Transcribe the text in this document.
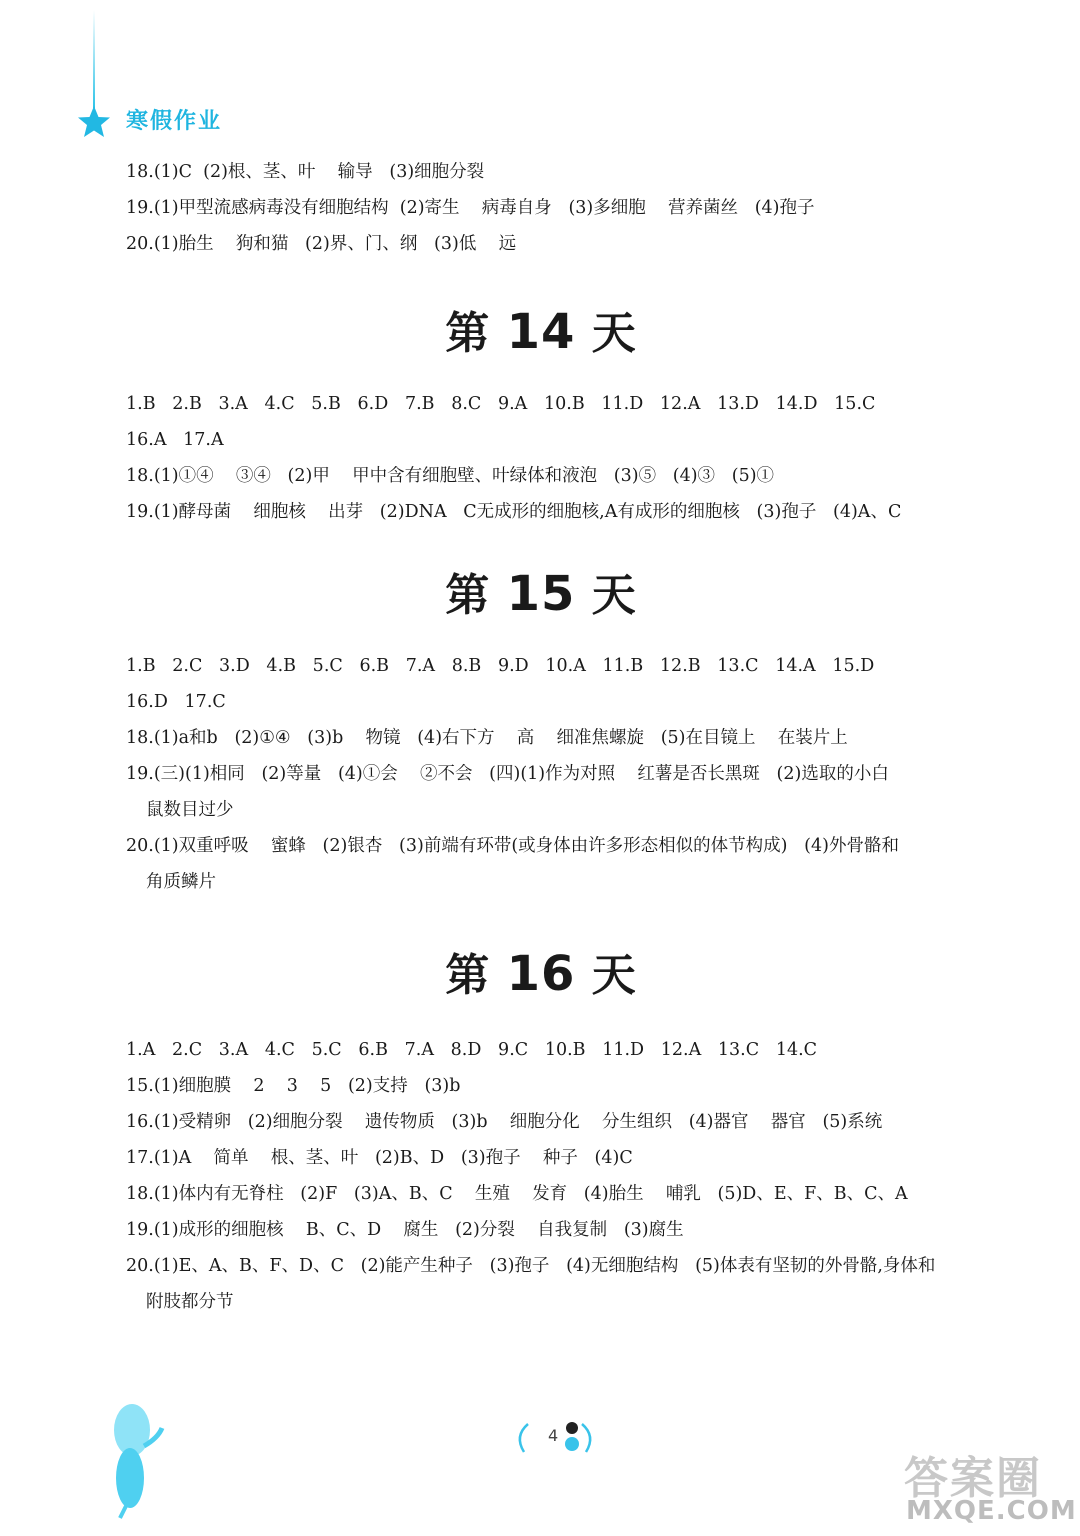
寒假作业
18.(1)C  (2)根、茎、叶    输导   (3)细胞分裂
19.(1)甲型流感病毒没有细胞结构  (2)寄生    病毒自身   (3)多细胞    营养菌丝   (4)孢子
20.(1)胎生    狗和猫   (2)界、门、纲   (3)低    远
第 14 天
1.B   2.B   3.A   4.C   5.B   6.D   7.B   8.C   9.A   10.B   11.D   12.A   13.D   14.D   15.C
16.A   17.A
18.(1)①④    ③④   (2)甲    甲中含有细胞壁、叶绿体和液泡   (3)⑤   (4)③   (5)①
19.(1)酵母菌    细胞核    出芽   (2)DNA   C无成形的细胞核,A有成形的细胞核   (3)孢子   (4)A、C
第 15 天
1.B   2.C   3.D   4.B   5.C   6.B   7.A   8.B   9.D   10.A   11.B   12.B   13.C   14.A   15.D
16.D   17.C
18.(1)a和b   (2)①④   (3)b    物镜   (4)右下方    高    细准焦螺旋   (5)在目镜上    在装片上
19.(三)(1)相同   (2)等量   (4)①会    ②不会   (四)(1)作为对照    红薯是否长黑斑   (2)选取的小白
鼠数目过少
20.(1)双重呼吸    蜜蜂   (2)银杏   (3)前端有环带(或身体由许多形态相似的体节构成)   (4)外骨骼和
角质鳞片
第 16 天
1.A   2.C   3.A   4.C   5.C   6.B   7.A   8.D   9.C   10.B   11.D   12.A   13.C   14.C
15.(1)细胞膜    2    3    5   (2)支持   (3)b
16.(1)受精卵   (2)细胞分裂    遗传物质   (3)b    细胞分化    分生组织   (4)器官    器官   (5)系统
17.(1)A    简单    根、茎、叶   (2)B、D   (3)孢子    种子   (4)C
18.(1)体内有无脊柱   (2)F   (3)A、B、C    生殖    发育   (4)胎生    哺乳   (5)D、E、F、B、C、A
19.(1)成形的细胞核    B、C、D    腐生   (2)分裂    自我复制   (3)腐生
20.(1)E、A、B、F、D、C   (2)能产生种子   (3)孢子   (4)无细胞结构   (5)体表有坚韧的外骨骼,身体和
附肢都分节
4
答案圈
MXQE.COM
